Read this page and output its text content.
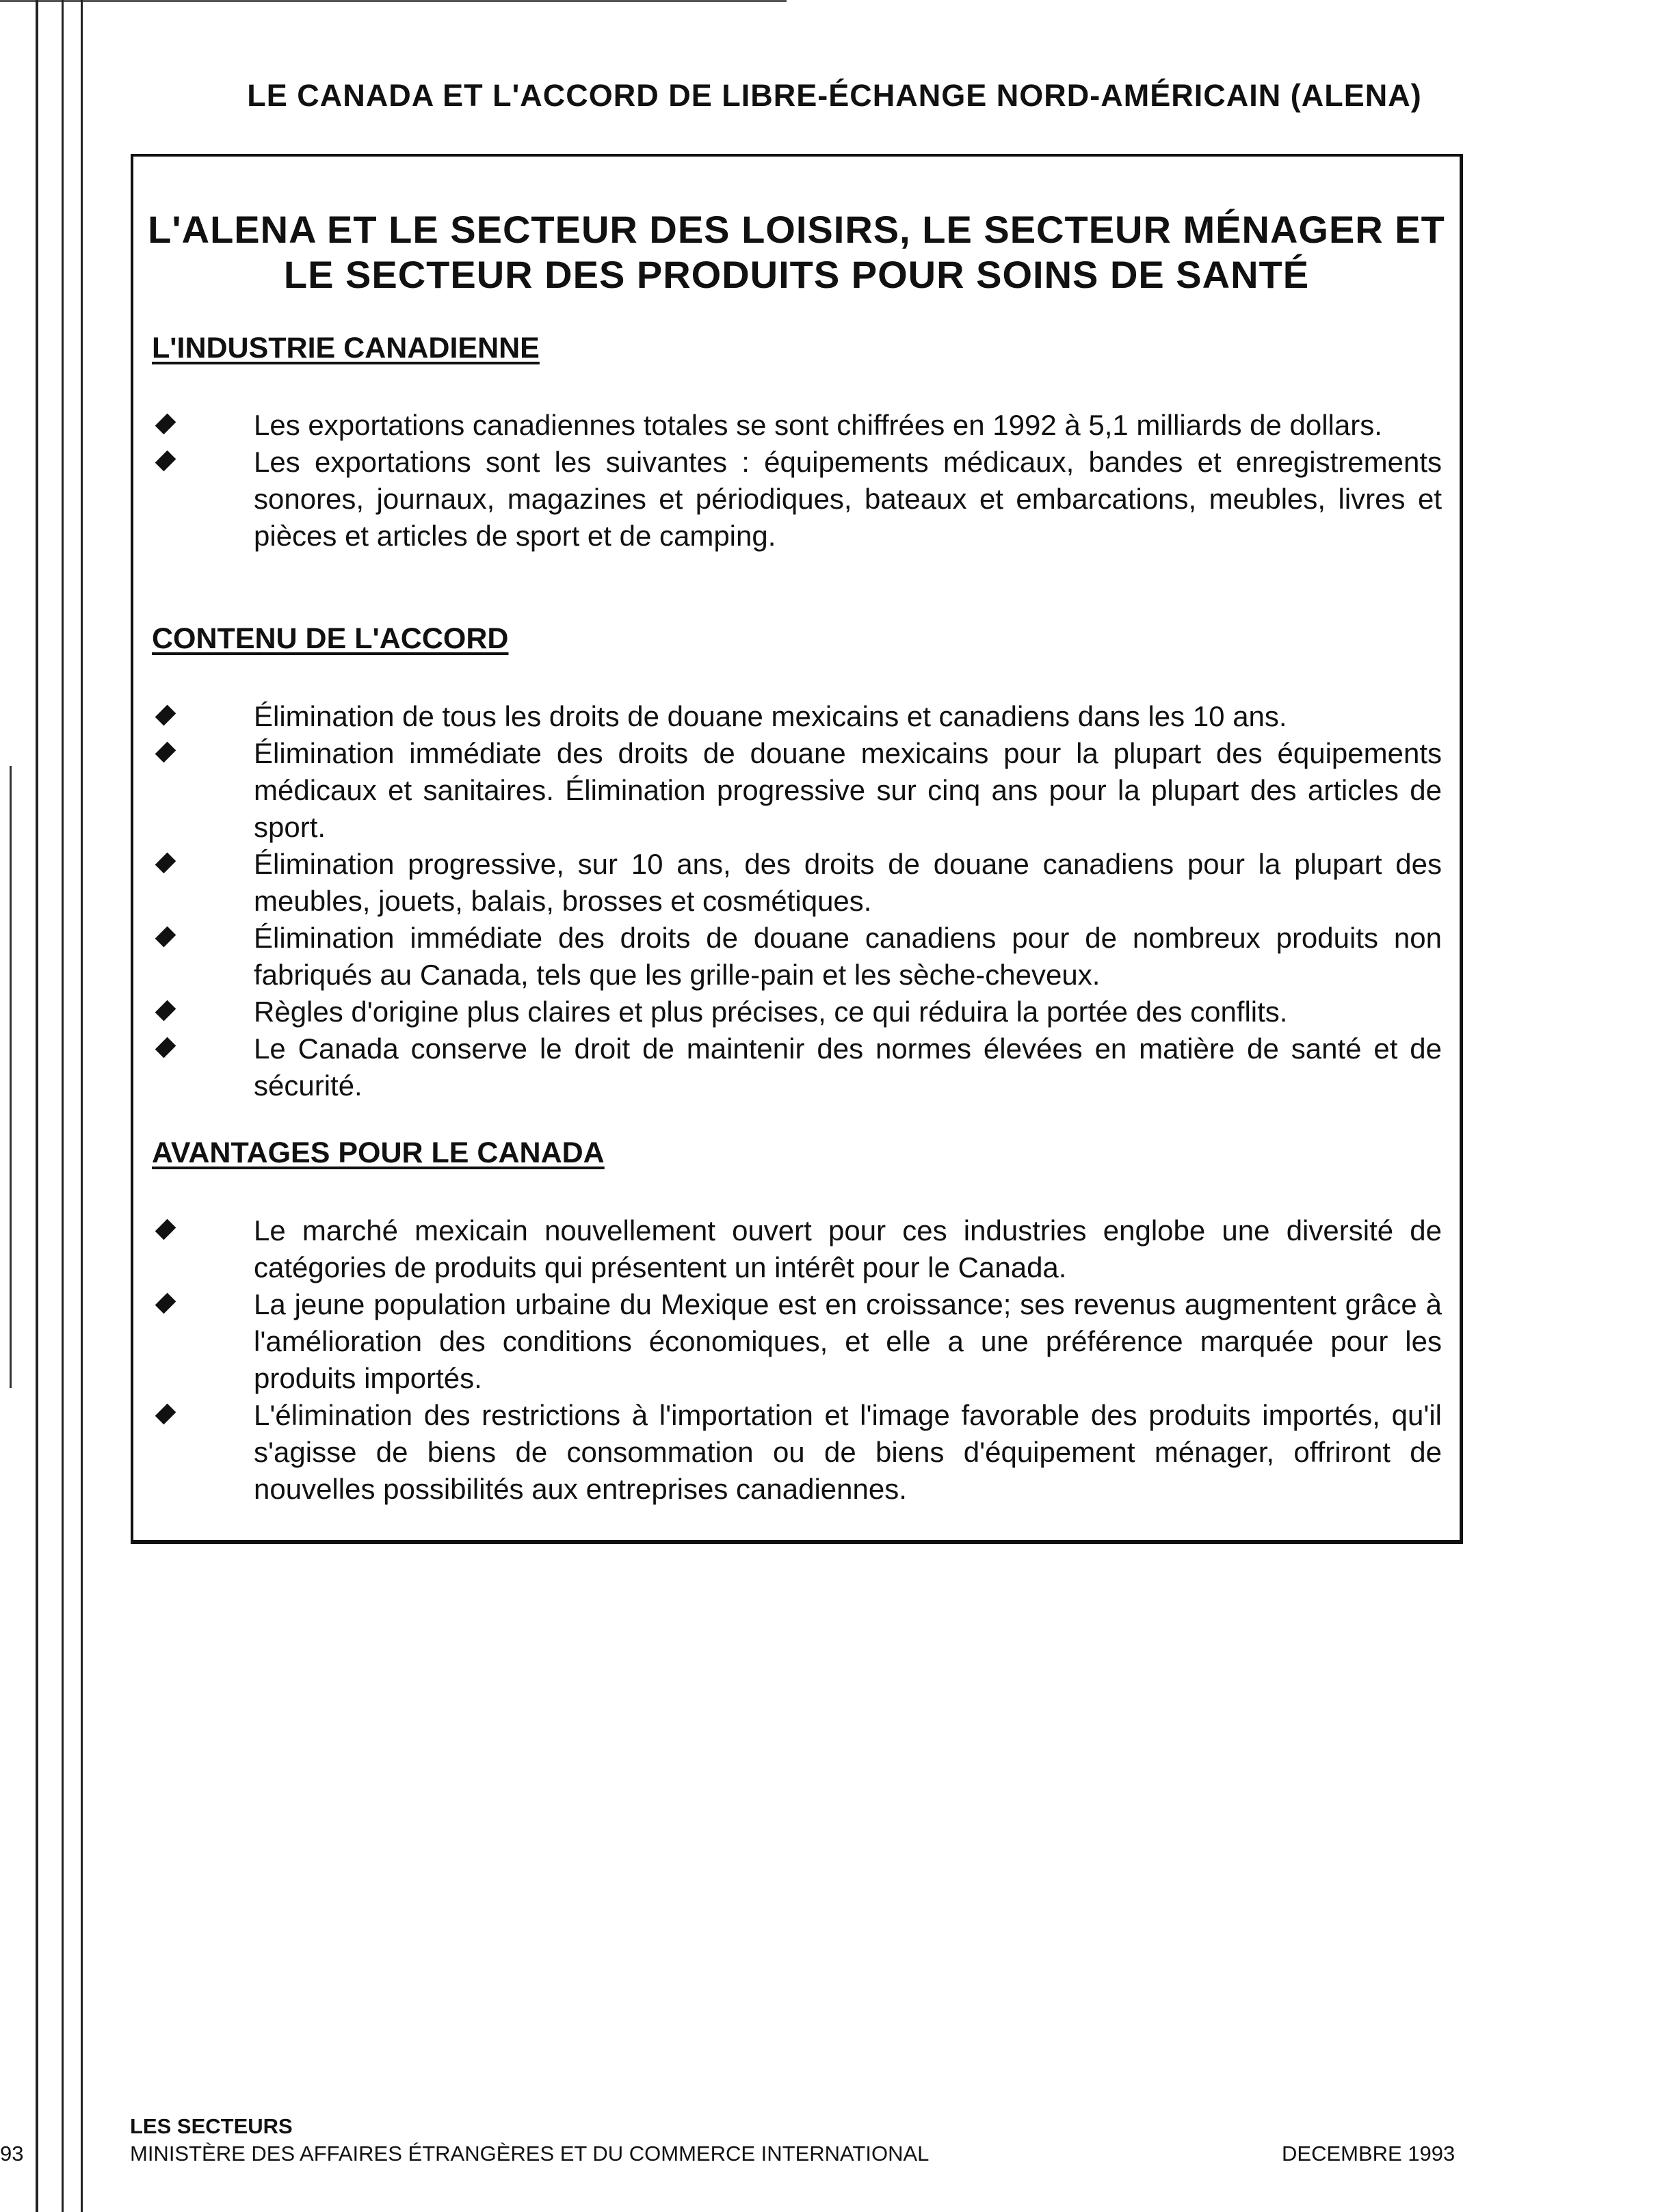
LE CANADA ET L'ACCORD DE LIBRE-ÉCHANGE NORD-AMÉRICAIN (ALENA)
L'ALENA ET LE SECTEUR DES LOISIRS, LE SECTEUR MÉNAGER ET
LE SECTEUR DES PRODUITS POUR SOINS DE SANTÉ
L'INDUSTRIE CANADIENNE
Les exportations canadiennes totales se sont chiffrées en 1992 à 5,1 milliards de dollars.
Les exportations sont les suivantes : équipements médicaux, bandes et enregistrements sonores, journaux, magazines et périodiques, bateaux et embarcations, meubles, livres et pièces et articles de sport et de camping.
CONTENU DE L'ACCORD
Élimination de tous les droits de douane mexicains et canadiens dans les 10 ans.
Élimination immédiate des droits de douane mexicains pour la plupart des équipements médicaux et sanitaires. Élimination progressive sur cinq ans pour la plupart des articles de sport.
Élimination progressive, sur 10 ans, des droits de douane canadiens pour la plupart des meubles, jouets, balais, brosses et cosmétiques.
Élimination immédiate des droits de douane canadiens pour de nombreux produits non fabriqués au Canada, tels que les grille-pain et les sèche-cheveux.
Règles d'origine plus claires et plus précises, ce qui réduira la portée des conflits.
Le Canada conserve le droit de maintenir des normes élevées en matière de santé et de sécurité.
AVANTAGES POUR LE CANADA
Le marché mexicain nouvellement ouvert pour ces industries englobe une diversité de catégories de produits qui présentent un intérêt pour le Canada.
La jeune population urbaine du Mexique est en croissance; ses revenus augmentent grâce à l'amélioration des conditions économiques, et elle a une préférence marquée pour les produits importés.
L'élimination des restrictions à l'importation et l'image favorable des produits importés, qu'il s'agisse de biens de consommation ou de biens d'équipement ménager, offriront de nouvelles possibilités aux entreprises canadiennes.
93
LES SECTEURS
MINISTÈRE DES AFFAIRES ÉTRANGÈRES ET DU COMMERCE INTERNATIONAL	DECEMBRE 1993
